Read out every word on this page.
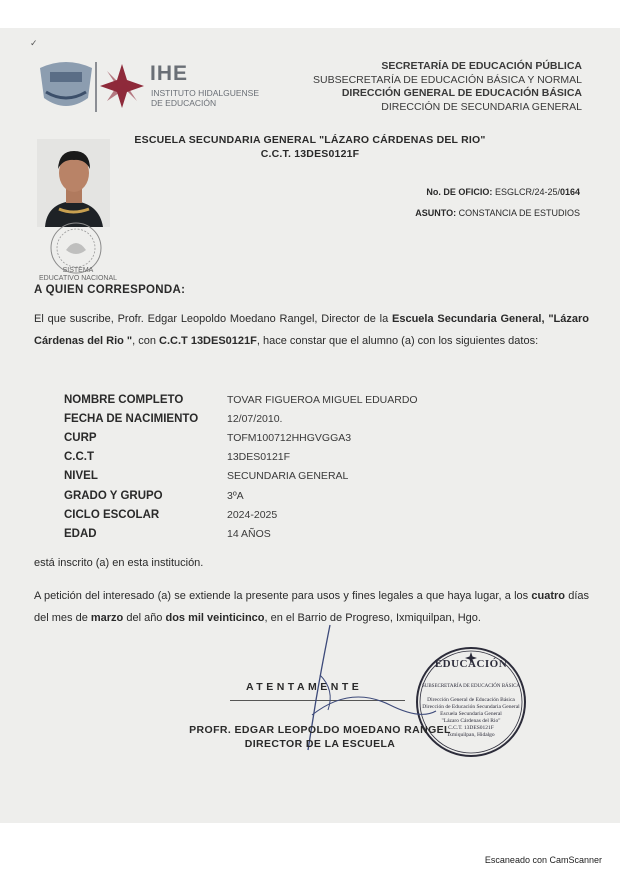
✓
IHE
INSTITUTO HIDALGUENSE
DE EDUCACIÓN
SECRETARÍA DE EDUCACIÓN PÚBLICA
SUBSECRETARÍA DE EDUCACIÓN BÁSICA Y NORMAL
DIRECCIÓN GENERAL DE EDUCACIÓN BÁSICA
DIRECCIÓN DE SECUNDARIA GENERAL
ESCUELA SECUNDARIA GENERAL "LÁZARO CÁRDENAS DEL RIO"
C.C.T. 13DES0121F
SISTEMA
EDUCATIVO NACIONAL
No. DE OFICIO: ESGLCR/24-25/0164
ASUNTO: CONSTANCIA DE ESTUDIOS
A QUIEN CORRESPONDA:
El que suscribe, Profr. Edgar Leopoldo Moedano Rangel, Director de la Escuela Secundaria General, "Lázaro Cárdenas del Rio ", con C.C.T 13DES0121F, hace constar que el alumno (a) con los siguientes datos:
NOMBRE COMPLETO	TOVAR FIGUEROA MIGUEL EDUARDO
FECHA DE NACIMIENTO	12/07/2010.
CURP	TOFM100712HHGVGGA3
C.C.T	13DES0121F
NIVEL	SECUNDARIA GENERAL
GRADO Y GRUPO	3ºA
CICLO ESCOLAR	2024-2025
EDAD	14 AÑOS
está inscrito (a) en esta institución.
A petición del interesado (a) se extiende la presente para usos y fines legales a que haya lugar, a los cuatro días del mes de marzo del año dos mil veinticinco, en el Barrio de Progreso, Ixmiquilpan, Hgo.
EDUCACIÓN
SUBSECRETARÍA DE EDUCACIÓN BÁSICA
Dirección General de Educación Básica
Dirección de Educación Secundaria General
Escuela Secundaria General
"Lázaro Cárdenas del Rio"
C.C.T. 13DES0121F
Ixmiquilpan, Hidalgo
ATENTAMENTE
PROFR. EDGAR LEOPOLDO MOEDANO RANGEL
DIRECTOR DE LA ESCUELA
Escaneado con CamScanner
